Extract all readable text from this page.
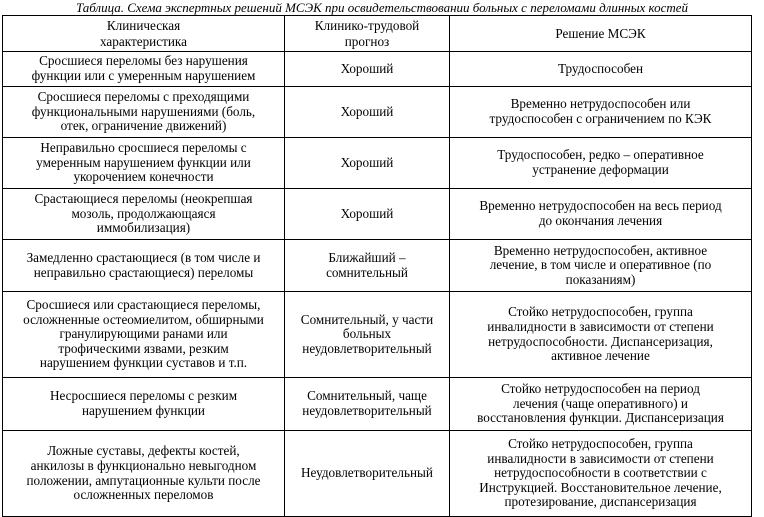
Таблица. Схема экспертных решений МСЭК при освидетельствовании больных с переломами длинных костей
Клиническая
характеристика	Клинико-трудовой
прогноз	Решение МСЭК

Сросшиеся переломы без нарушения
функции или с умеренным нарушением	Хороший	Трудоспособен

Сросшиеся переломы с преходящими
функциональными нарушениями (боль,
отек, ограничение движений)	Хороший	Временно нетрудоспособен или
трудоспособен с ограничением по КЭК

Неправильно сросшиеся переломы с
умеренным нарушением функции или
укорочением конечности	Хороший	Трудоспособен, редко – оперативное
устранение деформации

Срастающиеся переломы (неокрепшая
мозоль, продолжающаяся
иммобилизация)	Хороший	Временно нетрудоспособен на весь период
до окончания лечения

Замедленно срастающиеся (в том числе и
неправильно срастающиеся) переломы	Ближайший –
сомнительный	Временно нетрудоспособен, активное
лечение, в том числе и оперативное (по
показаниям)

Сросшиеся или срастающиеся переломы,
осложненные остеомиелитом, обширными
гранулирующими ранами или
трофическими язвами, резким
нарушением функции суставов и т.п.	Сомнительный, у части
больных
неудовлетворительный	Стойко нетрудоспособен, группа
инвалидности в зависимости от степени
нетрудоспособности. Диспансеризация,
активное лечение

Несросшиеся переломы с резким
нарушением функции	Сомнительный, чаще
неудовлетворительный	Стойко нетрудоспособен на период
лечения (чаще оперативного) и
восстановления функции. Диспансеризация

Ложные суставы, дефекты костей,
анкилозы в функционально невыгодном
положении, ампутационные культи после
осложненных переломов	Неудовлетворительный	Стойко нетрудоспособен, группа
инвалидности в зависимости от степени
нетрудоспособности в соответствии с
Инструкцией. Восстановительное лечение,
протезирование, диспансеризация
